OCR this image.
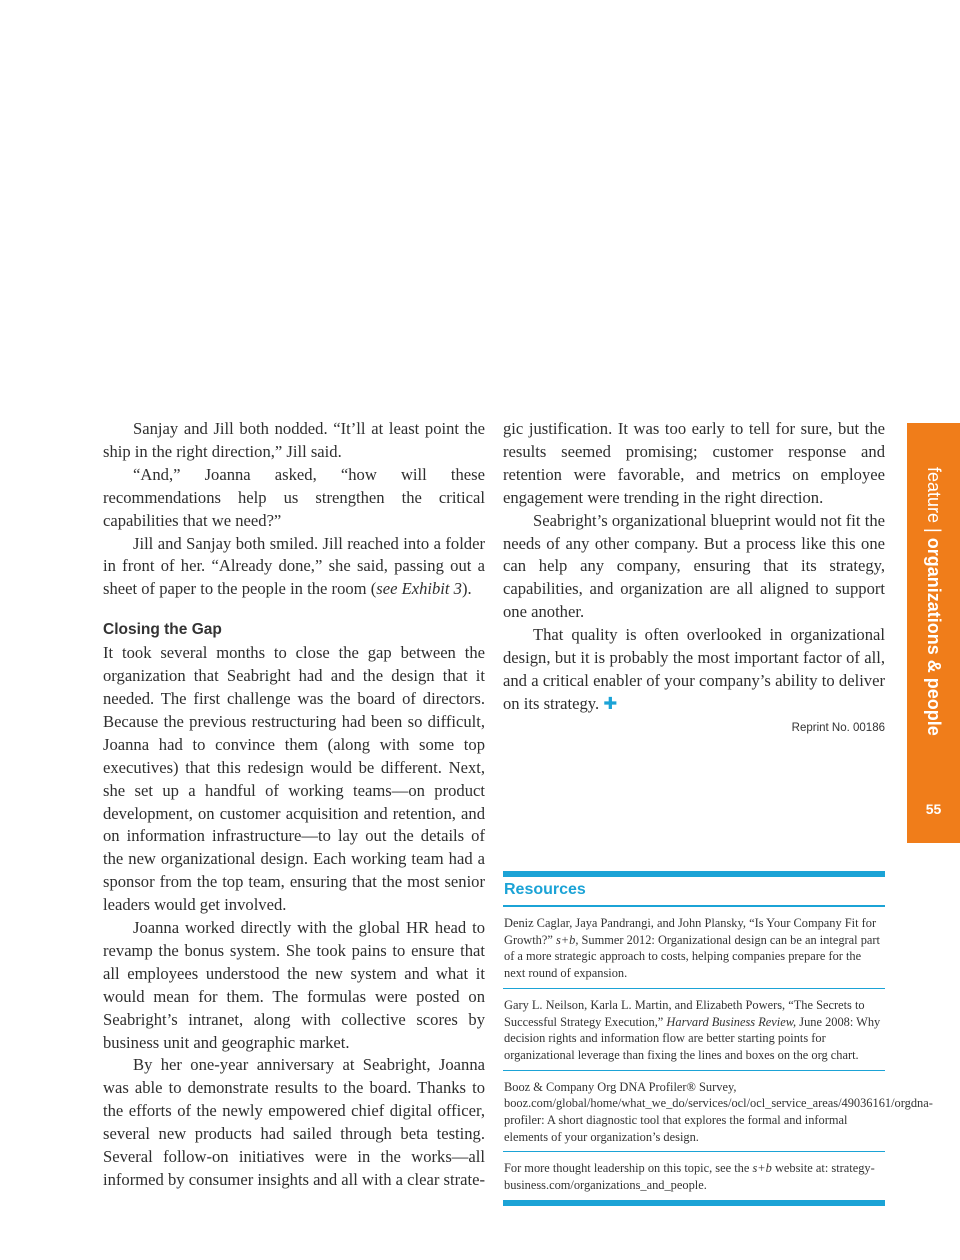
Sanjay and Jill both nodded. “It’ll at least point the ship in the right direction,” Jill said.

“And,” Joanna asked, “how will these recommendations help us strengthen the critical capabilities that we need?”

Jill and Sanjay both smiled. Jill reached into a folder in front of her. “Already done,” she said, passing out a sheet of paper to the people in the room (see Exhibit 3).

Closing the Gap

It took several months to close the gap between the organization that Seabright had and the design that it needed. The first challenge was the board of directors. Because the previous restructuring had been so difficult, Joanna had to convince them (along with some top executives) that this redesign would be different. Next, she set up a handful of working teams—on product development, on customer acquisition and retention, and on information infrastructure—to lay out the details of the new organizational design. Each working team had a sponsor from the top team, ensuring that the most senior leaders would get involved.

Joanna worked directly with the global HR head to revamp the bonus system. She took pains to ensure that all employees understood the new system and what it would mean for them. The formulas were posted on Seabright’s intranet, along with collective scores by business unit and geographic market.

By her one-year anniversary at Seabright, Joanna was able to demonstrate results to the board. Thanks to the efforts of the newly empowered chief digital officer, several new products had sailed through beta testing. Several follow-on initiatives were in the works—all informed by consumer insights and all with a clear strate-

gic justification. It was too early to tell for sure, but the results seemed promising; customer response and retention were favorable, and metrics on employee engagement were trending in the right direction.

Seabright’s organizational blueprint would not fit the needs of any other company. But a process like this one can help any company, ensuring that its strategy, capabilities, and organization are all aligned to support one another.

That quality is often overlooked in organizational design, but it is probably the most important factor of all, and a critical enabler of your company’s ability to deliver on its strategy. ✚

Reprint No. 00186
feature | organizations & people
55
Resources
Deniz Caglar, Jaya Pandrangi, and John Plansky, “Is Your Company Fit for Growth?” s+b, Summer 2012: Organizational design can be an integral part of a more strategic approach to costs, helping companies prepare for the next round of expansion.
Gary L. Neilson, Karla L. Martin, and Elizabeth Powers, “The Secrets to Successful Strategy Execution,” Harvard Business Review, June 2008: Why decision rights and information flow are better starting points for organizational leverage than fixing the lines and boxes on the org chart.
Booz & Company Org DNA Profiler® Survey, booz.com/global/home/what_we_do/services/ocl/ocl_service_areas/49036161/orgdna-profiler: A short diagnostic tool that explores the formal and informal elements of your organization’s design.
For more thought leadership on this topic, see the s+b website at: strategy-business.com/organizations_and_people.
